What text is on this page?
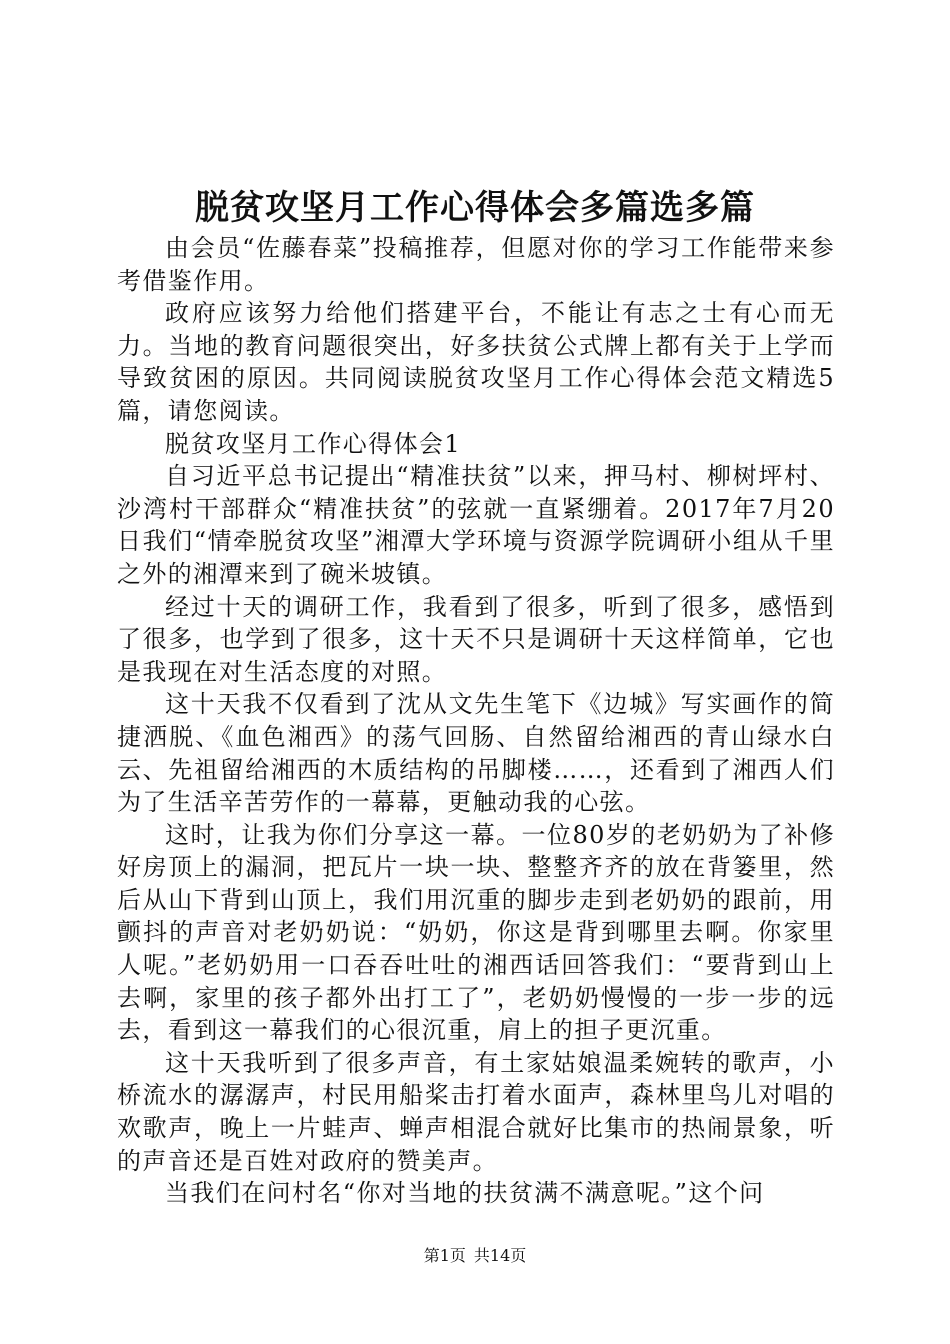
脱贫攻坚月工作心得体会多篇选多篇

由会员“佐藤春菜”投稿推荐，但愿对你的学习工作能带来参考借鉴作用。

政府应该努力给他们搭建平台，不能让有志之士有心而无力。当地的教育问题很突出，好多扶贫公式牌上都有关于上学而导致贫困的原因。共同阅读脱贫攻坚月工作心得体会范文精选5篇，请您阅读。

脱贫攻坚月工作心得体会1

自习近平总书记提出“精准扶贫”以来，押马村、柳树坪村、沙湾村干部群众“精准扶贫”的弦就一直紧绷着。2017年7月20日我们“情牵脱贫攻坚”湘潭大学环境与资源学院调研小组从千里之外的湘潭来到了碗米坡镇。

经过十天的调研工作，我看到了很多，听到了很多，感悟到了很多，也学到了很多，这十天不只是调研十天这样简单，它也是我现在对生活态度的对照。

这十天我不仅看到了沈从文先生笔下《边城》写实画作的简捷洒脱、《血色湘西》的荡气回肠、自然留给湘西的青山绿水白云、先祖留给湘西的木质结构的吊脚楼……，还看到了湘西人们为了生活辛苦劳作的一幕幕，更触动我的心弦。

这时，让我为你们分享这一幕。一位80岁的老奶奶为了补修好房顶上的漏洞，把瓦片一块一块、整整齐齐的放在背篓里，然后从山下背到山顶上，我们用沉重的脚步走到老奶奶的跟前，用颤抖的声音对老奶奶说：“奶奶，你这是背到哪里去啊。你家里人呢。”老奶奶用一口吞吞吐吐的湘西话回答我们：“要背到山上去啊，家里的孩子都外出打工了”，老奶奶慢慢的一步一步的远去，看到这一幕我们的心很沉重，肩上的担子更沉重。

这十天我听到了很多声音，有土家姑娘温柔婉转的歌声，小桥流水的潺潺声，村民用船桨击打着水面声，森林里鸟儿对唱的欢歌声，晚上一片蛙声、蝉声相混合就好比集市的热闹景象，听的声音还是百姓对政府的赞美声。

当我们在问村名“你对当地的扶贫满不满意呢。”这个问

第1页 共14页
